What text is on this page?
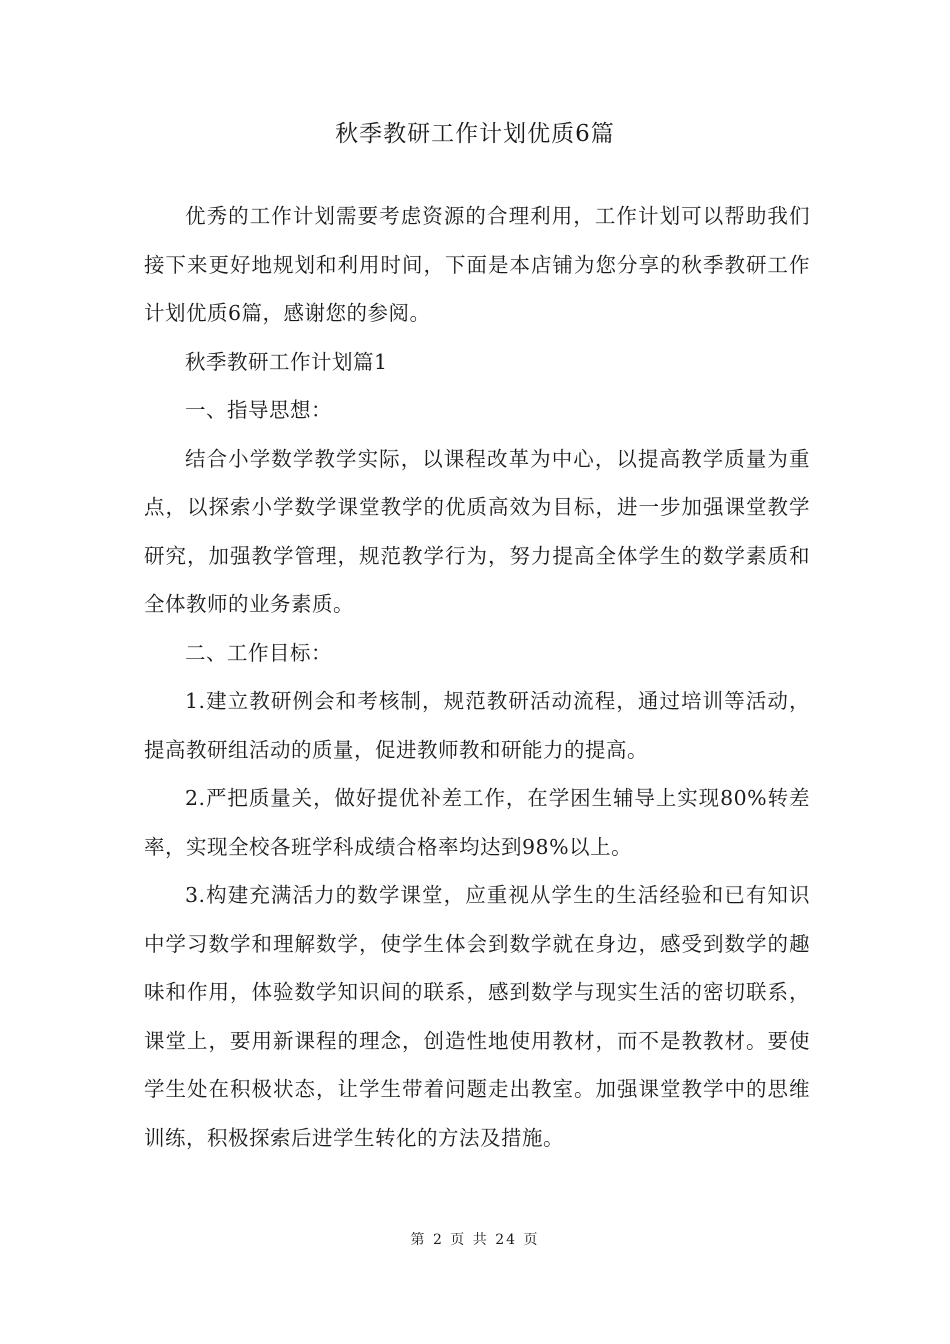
秋季教研工作计划优质6篇

优秀的工作计划需要考虑资源的合理利用，工作计划可以帮助我们接下来更好地规划和利用时间，下面是本店铺为您分享的秋季教研工作计划优质6篇，感谢您的参阅。

秋季教研工作计划篇1

一、指导思想：

结合小学数学教学实际，以课程改革为中心，以提高教学质量为重点，以探索小学数学课堂教学的优质高效为目标，进一步加强课堂教学研究，加强教学管理，规范教学行为，努力提高全体学生的数学素质和全体教师的业务素质。

二、工作目标：

1.建立教研例会和考核制，规范教研活动流程，通过培训等活动，提高教研组活动的质量，促进教师教和研能力的提高。

2.严把质量关，做好提优补差工作，在学困生辅导上实现80%转差率，实现全校各班学科成绩合格率均达到98%以上。

3.构建充满活力的数学课堂，应重视从学生的生活经验和已有知识中学习数学和理解数学，使学生体会到数学就在身边，感受到数学的趣味和作用，体验数学知识间的联系，感到数学与现实生活的密切联系，课堂上，要用新课程的理念，创造性地使用教材，而不是教教材。要使学生处在积极状态，让学生带着问题走出教室。加强课堂教学中的思维训练，积极探索后进学生转化的方法及措施。

第 2 页 共 24 页
